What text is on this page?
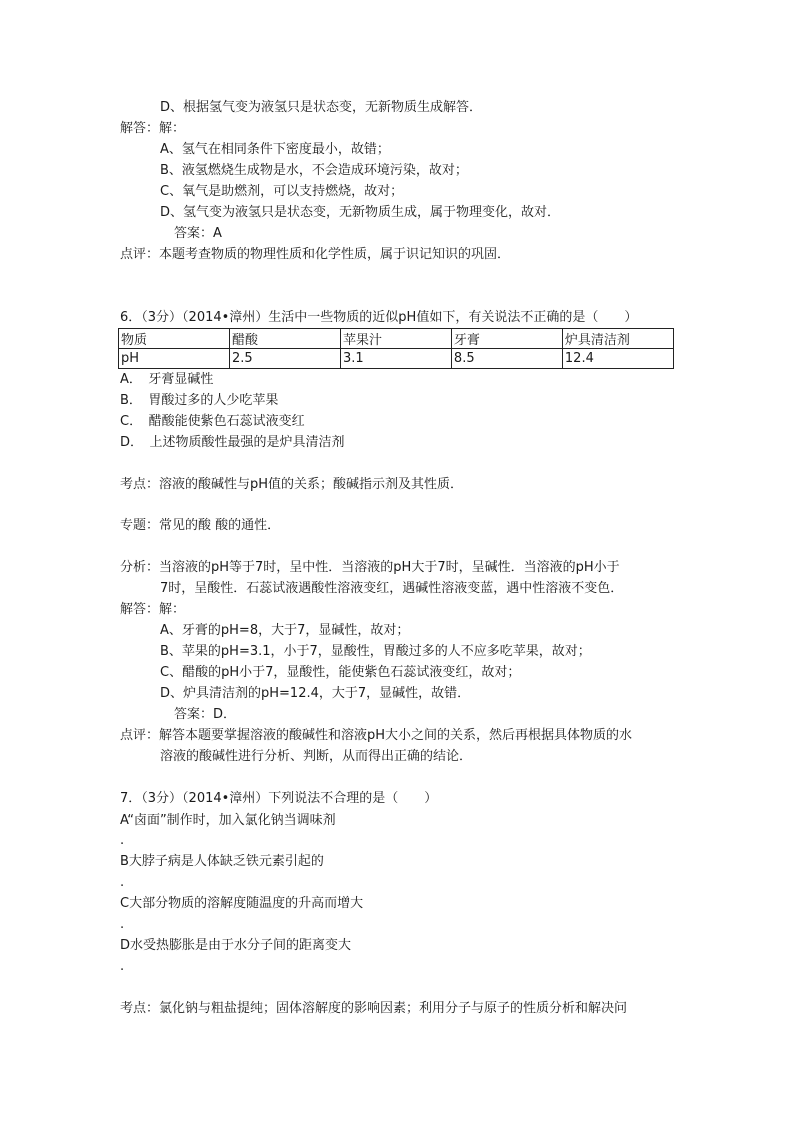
D、根据氢气变为液氢只是状态变，无新物质生成解答．
解答：解：
A、氢气在相同条件下密度最小，故错；
B、液氢燃烧生成物是水，不会造成环境污染，故对；
C、氧气是助燃剂，可以支持燃烧，故对；
D、氢气变为液氢只是状态变，无新物质生成，属于物理变化，故对．
答案：A
点评：本题考查物质的物理性质和化学性质，属于识记知识的巩固．
6．（3分）（2014•漳州）生活中一些物质的近似pH值如下，有关说法不正确的是（　　）
物质	醋酸	苹果汁	牙膏	炉具清洁剂
pH	2.5	3.1	8.5	12.4
A．　牙膏显碱性
B．　胃酸过多的人少吃苹果
C．　醋酸能使紫色石蕊试液变红
D．　上述物质酸性最强的是炉具清洁剂
考点：溶液的酸碱性与pH值的关系；酸碱指示剂及其性质．
专题：常见的酸 酸的通性．
分析：当溶液的pH等于7时，呈中性．当溶液的pH大于7时，呈碱性．当溶液的pH小于
7时，呈酸性．石蕊试液遇酸性溶液变红，遇碱性溶液变蓝，遇中性溶液不变色．
解答：解：
A、牙膏的pH=8，大于7，显碱性，故对；
B、苹果的pH=3.1，小于7，显酸性，胃酸过多的人不应多吃苹果，故对；
C、醋酸的pH小于7，显酸性，能使紫色石蕊试液变红，故对；
D、炉具清洁剂的pH=12.4，大于7，显碱性，故错．
答案：D．
点评：解答本题要掌握溶液的酸碱性和溶液pH大小之间的关系，然后再根据具体物质的水
溶液的酸碱性进行分析、判断，从而得出正确的结论．
7．（3分）（2014•漳州）下列说法不合理的是（　　）
A“卤面”制作时，加入氯化钠当调味剂
.
B大脖子病是人体缺乏铁元素引起的
.
C大部分物质的溶解度随温度的升高而增大
.
D水受热膨胀是由于水分子间的距离变大
.
考点：氯化钠与粗盐提纯；固体溶解度的影响因素；利用分子与原子的性质分析和解决问
